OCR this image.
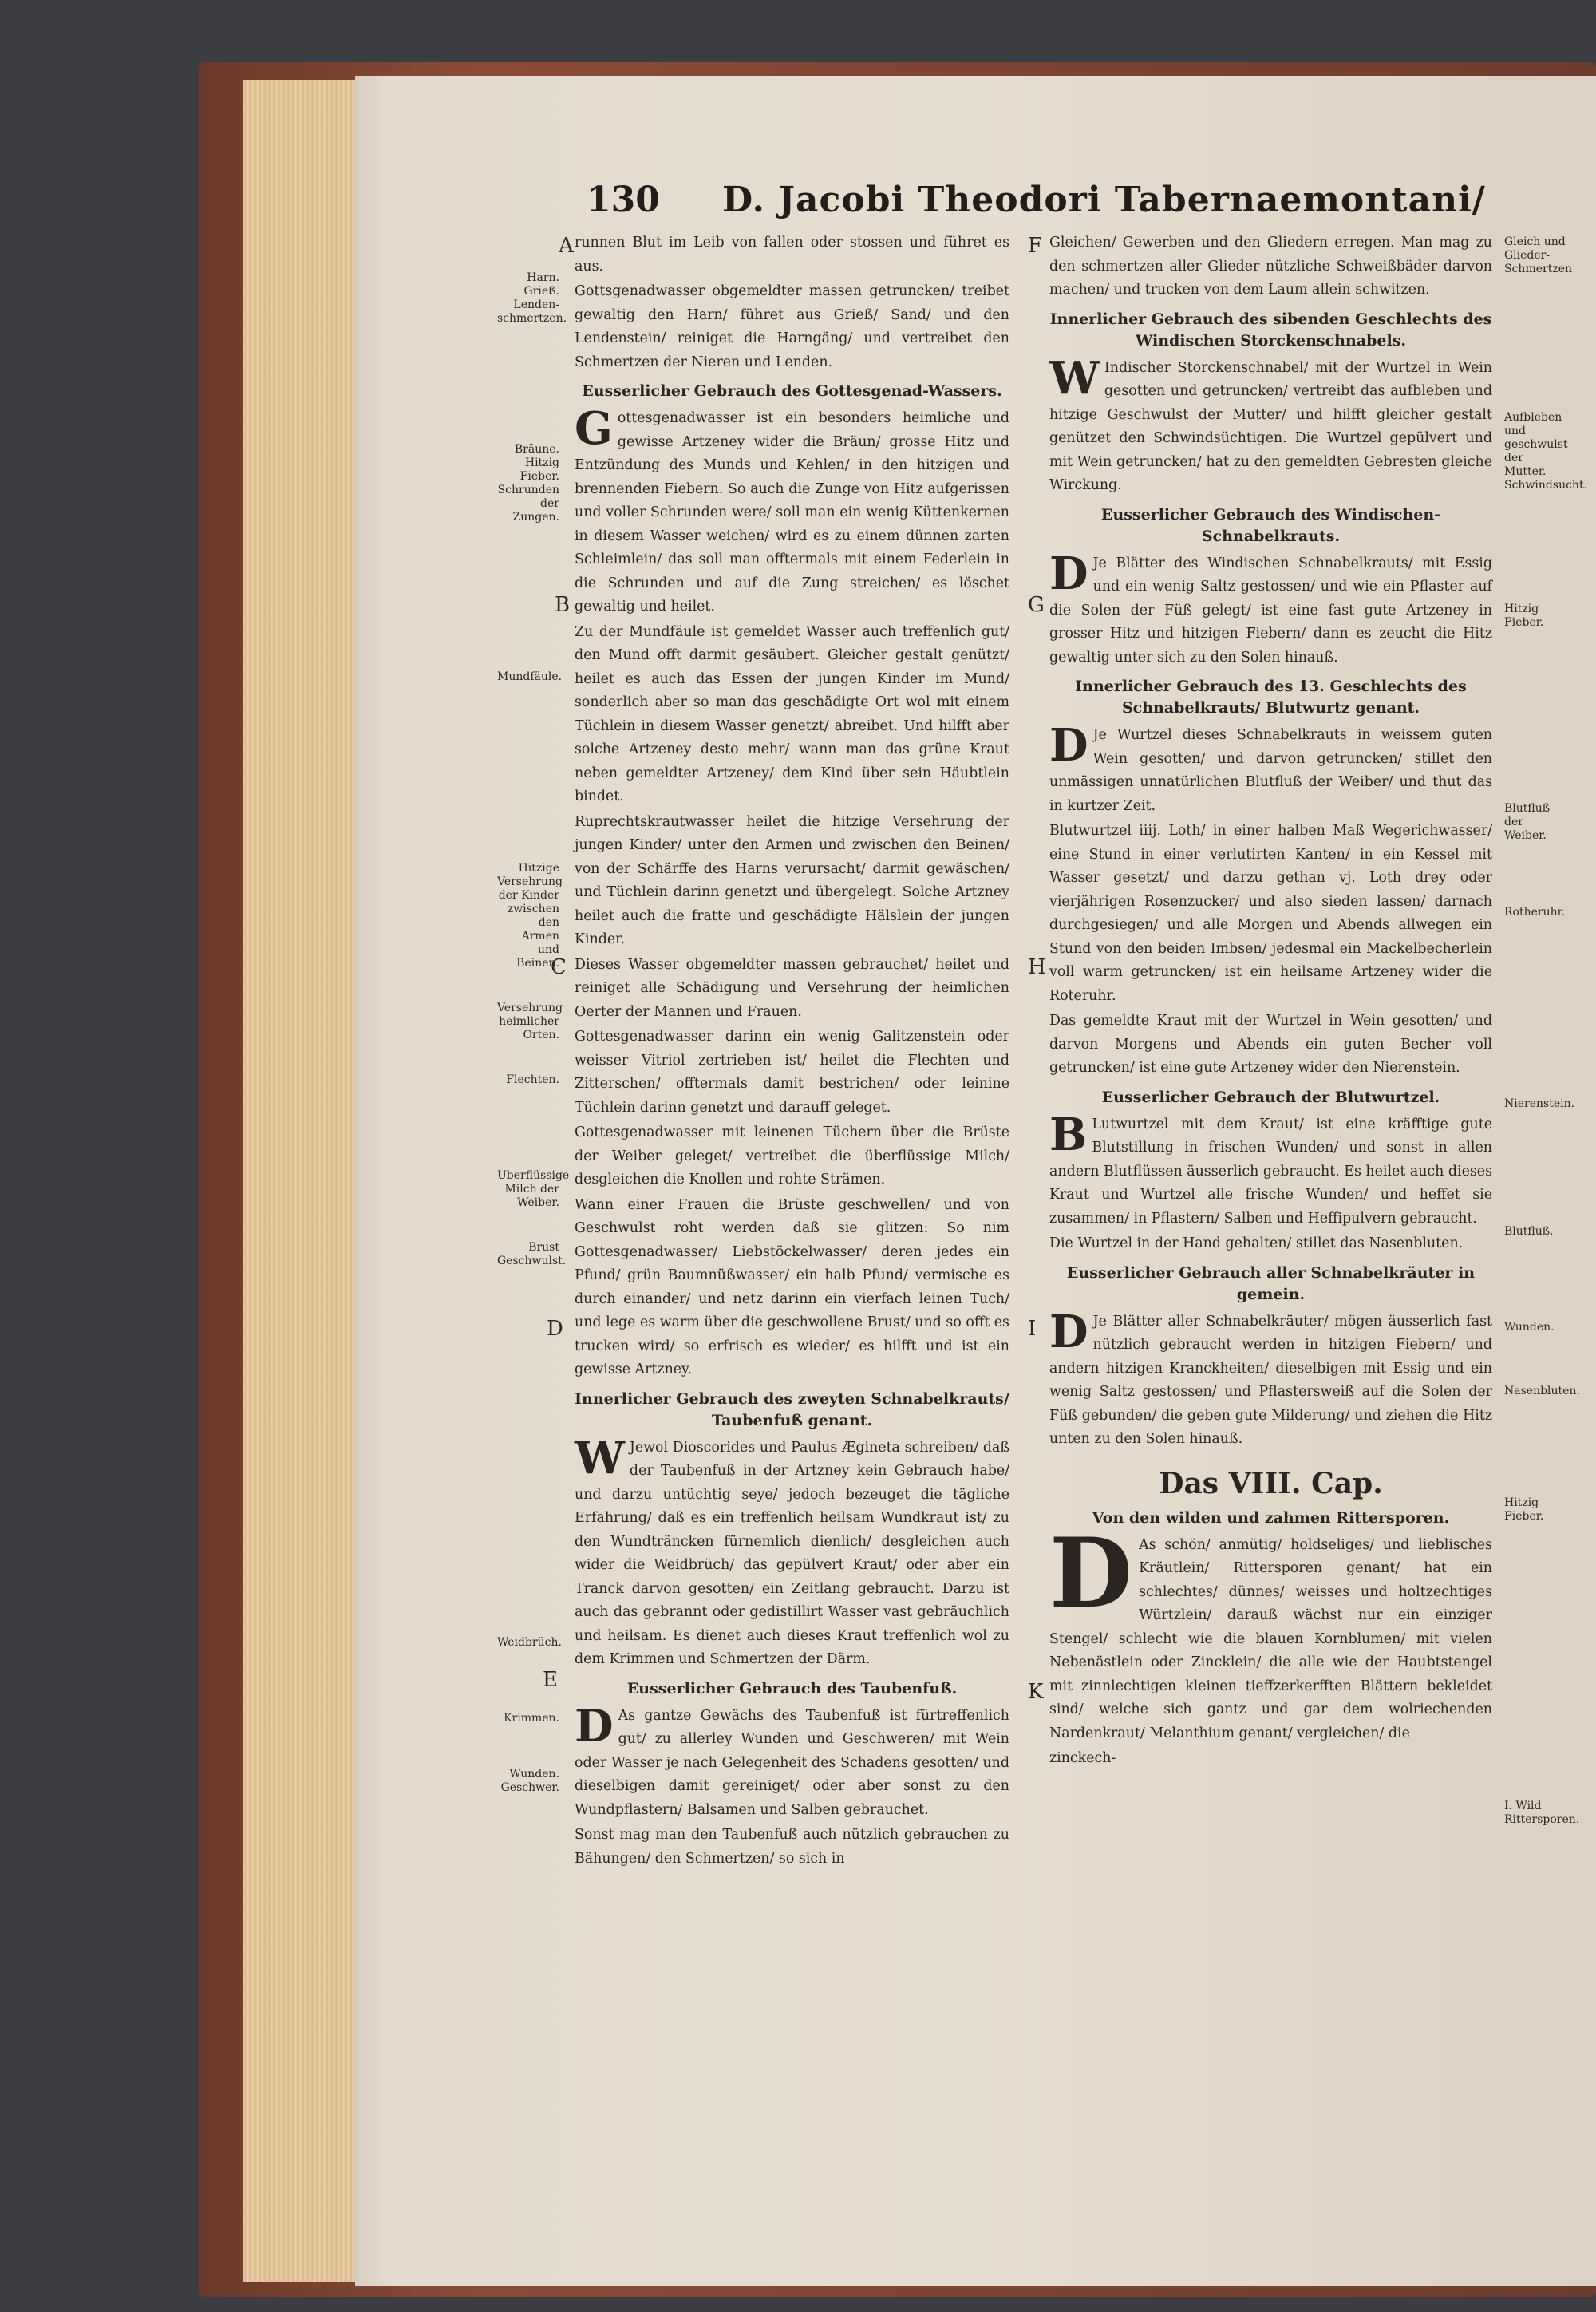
130 D. Jacobi Theodori Tabernaemontani/

runnen Blut im Leib von fallen oder stossen und führet es aus.

Gottsgenadwasser obgemeldter massen getruncken/ treibet gewaltig den Harn/ führet aus Grieß/ Sand/ und den Lendenstein/ reiniget die Harngäng/ und vertreibet den Schmertzen der Nieren und Lenden.

Eusserlicher Gebrauch des Gottesgenad-Wassers.

Gottesgenadwasser ist ein besonders heimliche und gewisse Artzeney wider die Bräun/ grosse Hitz und Entzündung des Munds und Kehlen/ in den hitzigen und brennenden Fiebern. So auch die Zunge von Hitz aufgerissen und voller Schrunden were/ soll man ein wenig Küttenkernen in diesem Wasser weichen/ wird es zu einem dünnen zarten Schleimlein/ das soll man offtermals mit einem Federlein in die Schrunden und auf die Zung streichen/ es löschet gewaltig und heilet.

Zu der Mundfäule ist gemeldet Wasser auch treffenlich gut/ den Mund offt darmit gesäubert. Gleicher gestalt genützt/ heilet es auch das Essen der jungen Kinder im Mund/ sonderlich aber so man das geschädigte Ort wol mit einem Tüchlein in diesem Wasser genetzt/ abreibet. Und hilfft aber solche Artzeney desto mehr/ wann man das grüne Kraut neben gemeldter Artzeney/ dem Kind über sein Häubtlein bindet.

Ruprechtskrautwasser heilet die hitzige Versehrung der jungen Kinder/ unter den Armen und zwischen den Beinen/ von der Schärffe des Harns verursacht/ darmit gewäschen/ und Tüchlein darinn genetzt und übergelegt. Solche Artzney heilet auch die fratte und geschädigte Hälslein der jungen Kinder.

Dieses Wasser obgemeldter massen gebrauchet/ heilet und reiniget alle Schädigung und Versehrung der heimlichen Oerter der Mannen und Frauen.

Gottesgenadwasser darinn ein wenig Galitzenstein oder weisser Vitriol zertrieben ist/ heilet die Flechten und Zitterschen/ offtermals damit bestrichen/ oder leinine Tüchlein darinn genetzt und darauff geleget.

Gottesgenadwasser mit leinenen Tüchern über die Brüste der Weiber geleget/ vertreibet die überflüssige Milch/ desgleichen die Knollen und rohte Strämen.

Wann einer Frauen die Brüste geschwellen/ und von Geschwulst roht werden daß sie glitzen: So nim Gottesgenadwasser/ Liebstöckelwasser/ deren jedes ein Pfund/ grün Baumnüßwasser/ ein halb Pfund/ vermische es durch einander/ und netz darinn ein vierfach leinen Tuch/ und lege es warm über die geschwollene Brust/ und so offt es trucken wird/ so erfrisch es wieder/ es hilfft und ist ein gewisse Artzney.

Innerlicher Gebrauch des zweyten Schnabelkrauts/ Taubenfuß genant.

W Jewol Dioscorides und Paulus Ægineta schreiben/ daß der Taubenfuß in der Artzney kein Gebrauch habe/ und darzu untüchtig seye/ jedoch bezeuget die tägliche Erfahrung/ daß es ein treffenlich heilsam Wundkraut ist/ zu den Wundträncken fürnemlich dienlich/ desgleichen auch wider die Weidbrüch/ das gepülvert Kraut/ oder aber ein Tranck darvon gesotten/ ein Zeitlang gebraucht. Darzu ist auch das gebrannt oder gedistillirt Wasser vast gebräuchlich und heilsam. Es dienet auch dieses Kraut treffenlich wol zu dem Krimmen und Schmertzen der Därm.

Eusserlicher Gebrauch des Taubenfuß.

D As gantze Gewächs des Taubenfuß ist fürtreffenlich gut/ zu allerley Wunden und Geschweren/ mit Wein oder Wasser je nach Gelegenheit des Schadens gesotten/ und dieselbigen damit gereiniget/ oder aber sonst zu den Wundpflastern/ Balsamen und Salben gebrauchet.

Sonst mag man den Taubenfuß auch nützlich gebrauchen zu Bähungen/ den Schmertzen/ so sich in

Gleichen/ Gewerben und den Gliedern erregen. Man mag zu den schmertzen aller Glieder nützliche Schweißbäder darvon machen/ und trucken von dem Laum allein schwitzen.

Innerlicher Gebrauch des sibenden Geschlechts des Windischen Storckenschnabels.

W Indischer Storckenschnabel/ mit der Wurtzel in Wein gesotten und getruncken/ vertreibt das aufbleben und hitzige Geschwulst der Mutter/ und hilfft gleicher gestalt genützet den Schwindsüchtigen. Die Wurtzel gepülvert und mit Wein getruncken/ hat zu den gemeldten Gebresten gleiche Wirckung.

Eusserlicher Gebrauch des Windischen-Schnabelkrauts.

D Je Blätter des Windischen Schnabelkrauts/ mit Essig und ein wenig Saltz gestossen/ und wie ein Pflaster auf die Solen der Füß gelegt/ ist eine fast gute Artzeney in grosser Hitz und hitzigen Fiebern/ dann es zeucht die Hitz gewaltig unter sich zu den Solen hinauß.

Innerlicher Gebrauch des 13. Geschlechts des Schnabelkrauts/ Blutwurtz genant.

D Je Wurtzel dieses Schnabelkrauts in weissem guten Wein gesotten/ und darvon getruncken/ stillet den unmässigen unnatürlichen Blutfluß der Weiber/ und thut das in kurtzer Zeit.

Blutwurtzel iiij. Loth/ in einer halben Maß Wegerichwasser/ eine Stund in einer verlutirten Kanten/ in ein Kessel mit Wasser gesetzt/ und darzu gethan vj. Loth drey oder vierjährigen Rosenzucker/ und also sieden lassen/ darnach durchgesiegen/ und alle Morgen und Abends allwegen ein Stund von den beiden Imbsen/ jedesmal ein Mackelbecherlein voll warm getruncken/ ist ein heilsame Artzeney wider die Roteruhr.

Das gemeldte Kraut mit der Wurtzel in Wein gesotten/ und darvon Morgens und Abends ein guten Becher voll getruncken/ ist eine gute Artzeney wider den Nierenstein.

Eusserlicher Gebrauch der Blutwurtzel.

B Lutwurtzel mit dem Kraut/ ist eine kräfftige gute Blutstillung in frischen Wunden/ und sonst in allen andern Blutflüssen äusserlich gebraucht. Es heilet auch dieses Kraut und Wurtzel alle frische Wunden/ und heffet sie zusammen/ in Pflastern/ Salben und Heffipulvern gebraucht.

Die Wurtzel in der Hand gehalten/ stillet das Nasenbluten.

Eusserlicher Gebrauch aller Schnabelkräuter in gemein.

D Je Blätter aller Schnabelkräuter/ mögen äusserlich fast nützlich gebraucht werden in hitzigen Fiebern/ und andern hitzigen Kranckheiten/ dieselbigen mit Essig und ein wenig Saltz gestossen/ und Pflastersweiß auf die Solen der Füß gebunden/ die geben gute Milderung/ und ziehen die Hitz unten zu den Solen hinauß.

Das VIII. Cap.
Von den wilden und zahmen Rittersporen.

D As schön/ anmütig/ holdseliges/ und lieblisches Kräutlein/ Rittersporen genant/ hat ein schlechtes/ dünnes/ weisses und holtzechtiges Würtzlein/ darauß wächst nur ein einziger Stengel/ schlecht wie die blauen Kornblumen/ mit vielen Nebenästlein oder Zincklein/ die alle wie der Haubtstengel mit zinnlechtigen kleinen tieffzerkerfften Blättern bekleidet sind/ welche sich gantz und gar dem wolriechenden Nardenkraut/ Melanthium genant/ vergleichen/ die

zinckech-

A
B
C
D
E
F
G
H
I
K
Harn. Grieß. Lenden-schmertzen.
Bräune. Hitzig Fieber. Schrunden der Zungen.
Mundfäule.
Hitzige Versehrung der Kinder zwischen den Armen und Beinen.
Versehrung heimlicher Orten.
Flechten.
Uberflüssige Milch der Weiber.
Brust Geschwulst.
Weidbrüch.
Krimmen.
Wunden. Geschwer.
Gleich und Glieder-Schmertzen
Aufbleben und geschwulst der Mutter. Schwindsucht.
Hitzig Fieber.
Blutfluß der Weiber.
Rotheruhr.
Nierenstein.
Blutfluß.
Wunden.
Nasenbluten.
Hitzig Fieber.
I. Wild Rittersporen.
